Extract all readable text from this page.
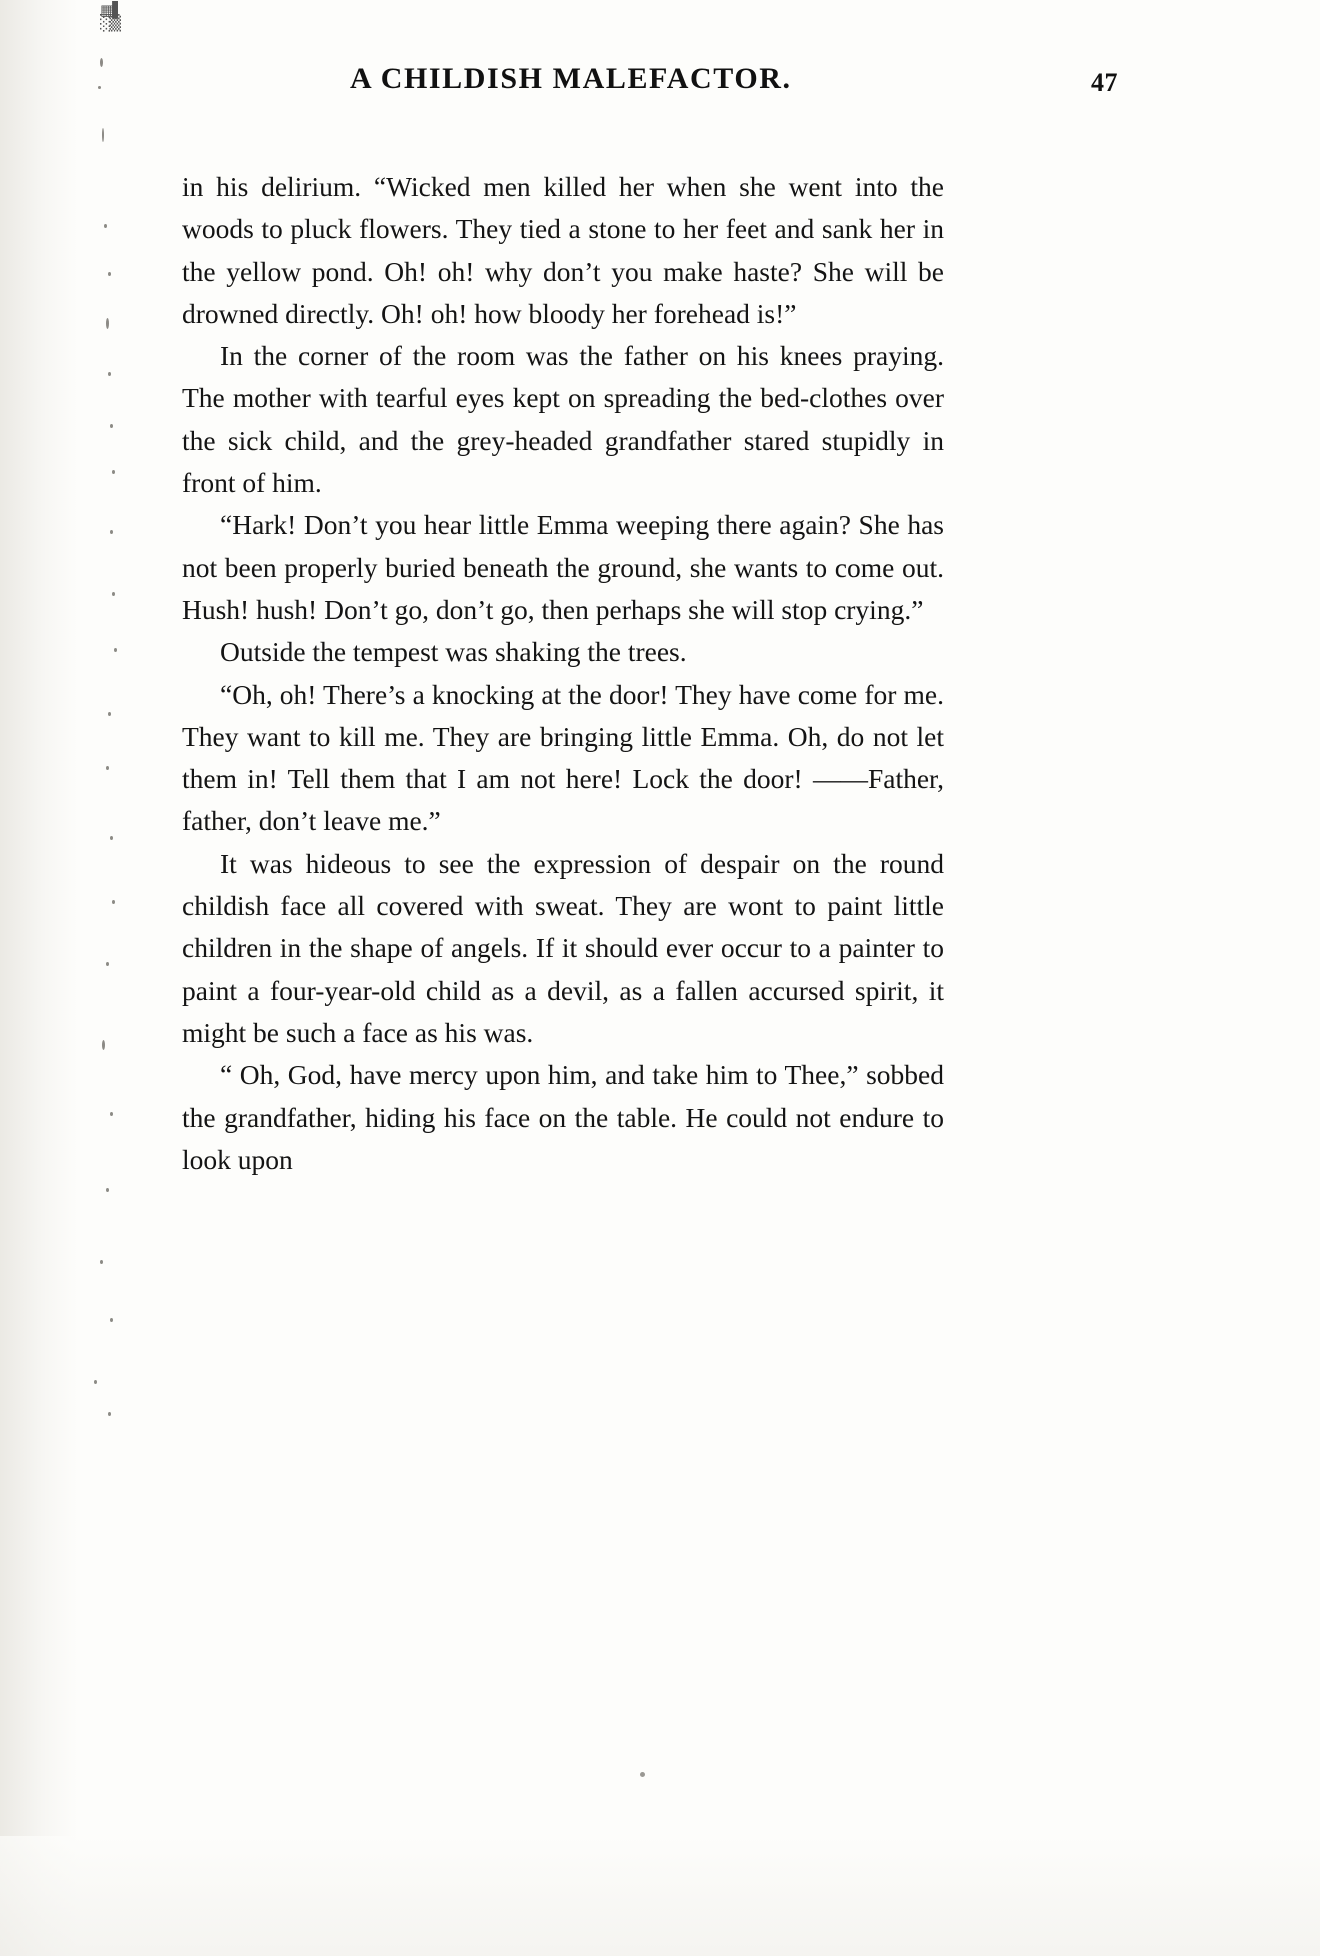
▦▌
░▒
A CHILDISH MALEFACTOR.	47

in his delirium. “Wicked men killed her when she went into the woods to pluck flowers. They tied a stone to her feet and sank her in the yellow pond. Oh! oh! why don’t you make haste? She will be drowned directly. Oh! oh! how bloody her forehead is!”

In the corner of the room was the father on his knees praying. The mother with tearful eyes kept on spreading the bed-clothes over the sick child, and the grey-headed grandfather stared stupidly in front of him.

“Hark! Don’t you hear little Emma weeping there again? She has not been properly buried beneath the ground, she wants to come out. Hush! hush! Don’t go, don’t go, then perhaps she will stop crying.”

Outside the tempest was shaking the trees.

“Oh, oh! There’s a knocking at the door! They have come for me. They want to kill me. They are bringing little Emma. Oh, do not let them in! Tell them that I am not here! Lock the door! ——Father, father, don’t leave me.”

It was hideous to see the expression of despair on the round childish face all covered with sweat. They are wont to paint little children in the shape of angels. If it should ever occur to a painter to paint a four-year-old child as a devil, as a fallen accursed spirit, it might be such a face as his was.

“ Oh, God, have mercy upon him, and take him to Thee,” sobbed the grandfather, hiding his face on the table. He could not endure to look upon
